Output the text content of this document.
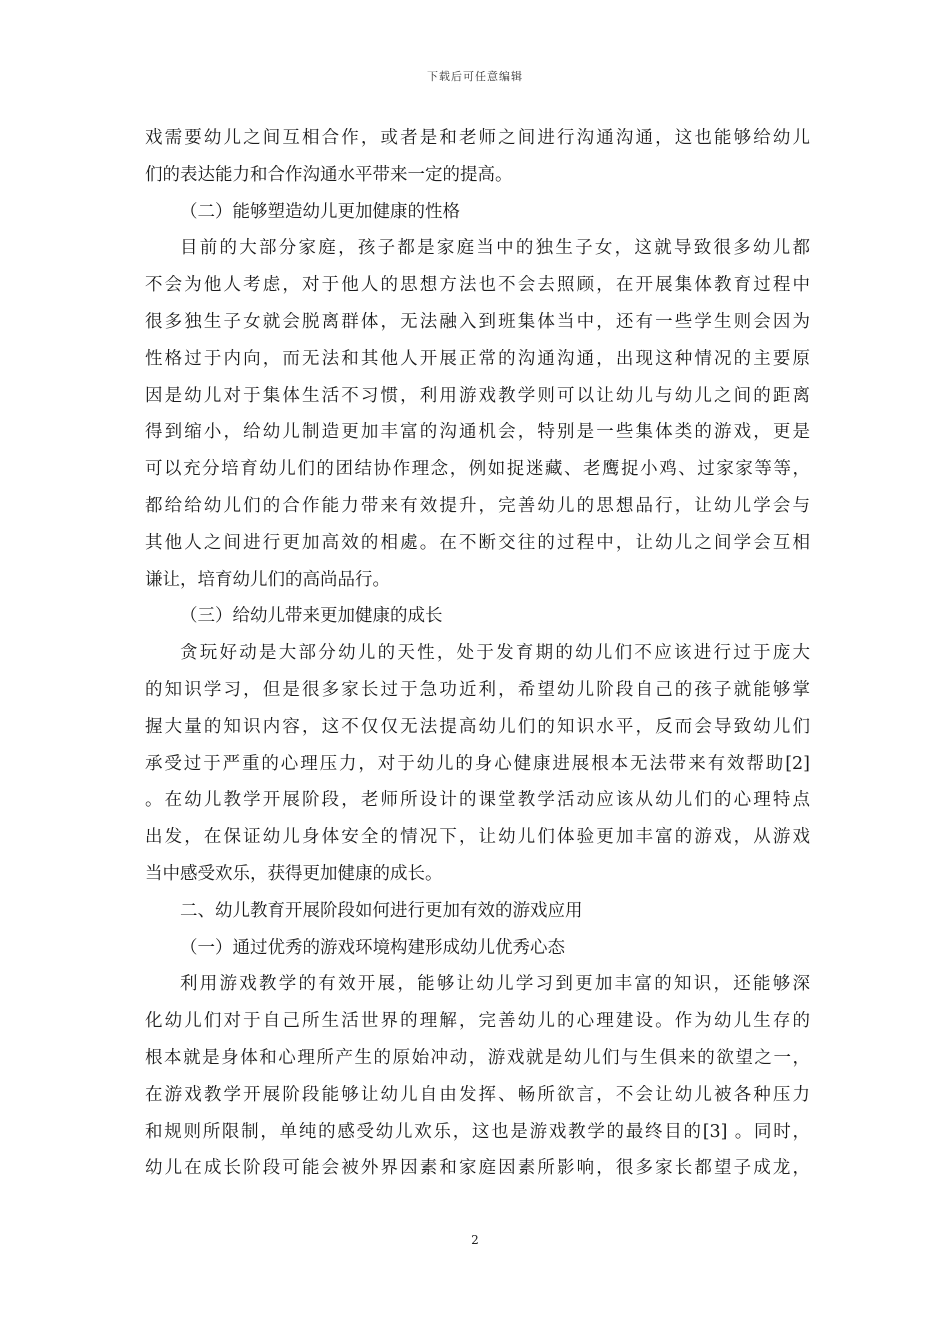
下载后可任意编辑
戏需要幼儿之间互相合作，或者是和老师之间进行沟通沟通，这也能够给幼儿
们的表达能力和合作沟通水平带来一定的提高。
（二）能够塑造幼儿更加健康的性格
目前的大部分家庭，孩子都是家庭当中的独生子女，这就导致很多幼儿都
不会为他人考虑，对于他人的思想方法也不会去照顾，在开展集体教育过程中
很多独生子女就会脱离群体，无法融入到班集体当中，还有一些学生则会因为
性格过于内向，而无法和其他人开展正常的沟通沟通，出现这种情况的主要原
因是幼儿对于集体生活不习惯，利用游戏教学则可以让幼儿与幼儿之间的距离
得到缩小，给幼儿制造更加丰富的沟通机会，特别是一些集体类的游戏，更是
可以充分培育幼儿们的团结协作理念，例如捉迷藏、老鹰捉小鸡、过家家等等，
都给给幼儿们的合作能力带来有效提升，完善幼儿的思想品行，让幼儿学会与
其他人之间进行更加高效的相處。在不断交往的过程中，让幼儿之间学会互相
谦让，培育幼儿们的高尚品行。
（三）给幼儿带来更加健康的成长
贪玩好动是大部分幼儿的天性，处于发育期的幼儿们不应该进行过于庞大
的知识学习，但是很多家长过于急功近利，希望幼儿阶段自己的孩子就能够掌
握大量的知识内容，这不仅仅无法提高幼儿们的知识水平，反而会导致幼儿们
承受过于严重的心理压力，对于幼儿的身心健康进展根本无法带来有效帮助[2]
。在幼儿教学开展阶段，老师所设计的课堂教学活动应该从幼儿们的心理特点
出发，在保证幼儿身体安全的情况下，让幼儿们体验更加丰富的游戏，从游戏
当中感受欢乐，获得更加健康的成长。
二、幼儿教育开展阶段如何进行更加有效的游戏应用
（一）通过优秀的游戏环境构建形成幼儿优秀心态
利用游戏教学的有效开展，能够让幼儿学习到更加丰富的知识，还能够深
化幼儿们对于自己所生活世界的理解，完善幼儿的心理建设。作为幼儿生存的
根本就是身体和心理所产生的原始冲动，游戏就是幼儿们与生俱来的欲望之一，
在游戏教学开展阶段能够让幼儿自由发挥、畅所欲言，不会让幼儿被各种压力
和规则所限制，单纯的感受幼儿欢乐，这也是游戏教学的最终目的[3] 。同时，
幼儿在成长阶段可能会被外界因素和家庭因素所影响，很多家长都望子成龙，
2
